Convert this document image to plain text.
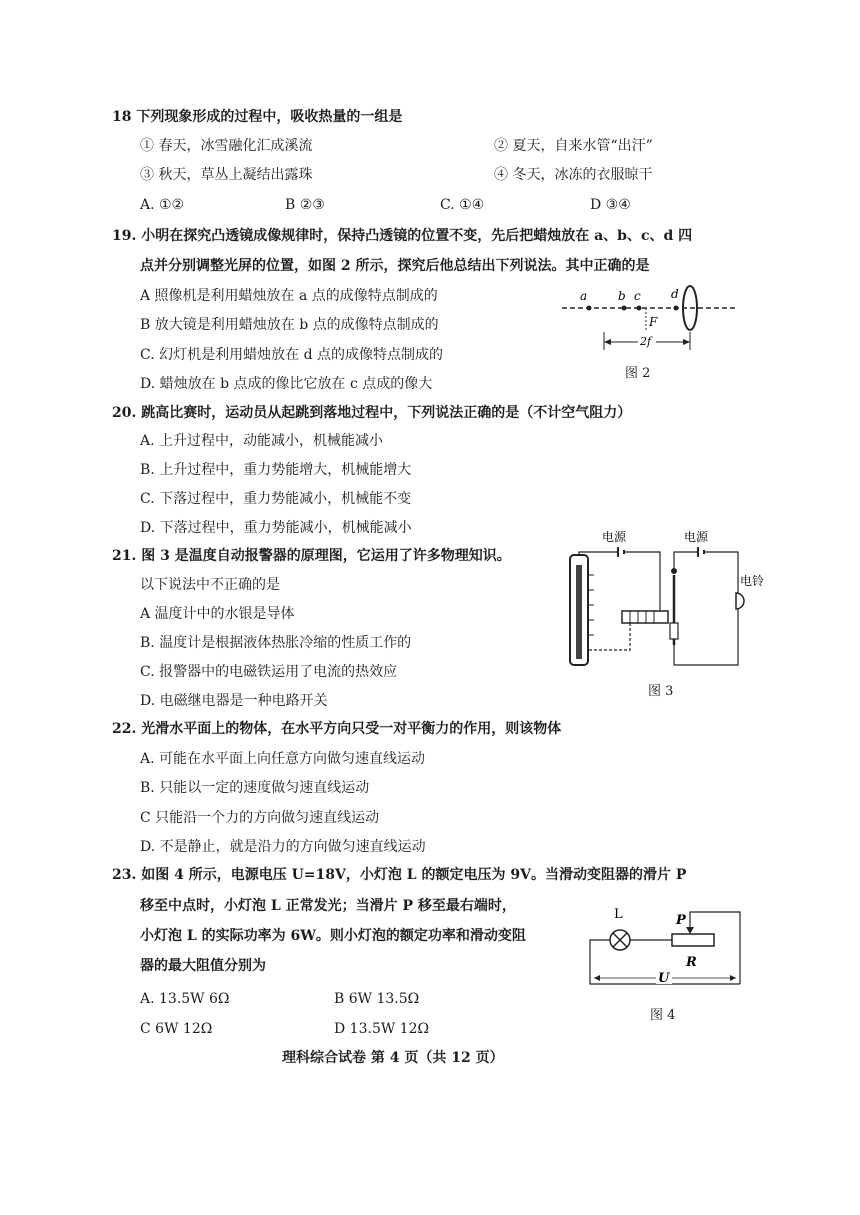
18 下列现象形成的过程中，吸收热量的一组是
① 春天，冰雪融化汇成溪流	② 夏天，自来水管“出汗”
③ 秋天，草丛上凝结出露珠	④ 冬天，冰冻的衣服晾干
A. ①②	B ②③	C. ①④	D ③④
19. 小明在探究凸透镜成像规律时，保持凸透镜的位置不变，先后把蜡烛放在 a、b、c、d 四
点并分别调整光屏的位置，如图 2 所示，探究后他总结出下列说法。其中正确的是
A 照像机是利用蜡烛放在 a 点的成像特点制成的
B 放大镜是利用蜡烛放在 b 点的成像特点制成的
C. 幻灯机是利用蜡烛放在 d 点的成像特点制成的
D. 蜡烛放在 b 点成的像比它放在 c 点成的像大
a	b c	d
F
2f
图 2
20. 跳高比赛时，运动员从起跳到落地过程中，下列说法正确的是（不计空气阻力）
A. 上升过程中，动能减小，机械能减小
B. 上升过程中，重力势能增大，机械能增大
C. 下落过程中，重力势能减小，机械能不变
D. 下落过程中，重力势能减小，机械能减小
21. 图 3 是温度自动报警器的原理图，它运用了许多物理知识。
以下说法中不正确的是
A 温度计中的水银是导体
B. 温度计是根据液体热胀冷缩的性质工作的
C. 报警器中的电磁铁运用了电流的热效应
D. 电磁继电器是一种电路开关
电源	电源
电铃
图 3
22. 光滑水平面上的物体，在水平方向只受一对平衡力的作用，则该物体
A. 可能在水平面上向任意方向做匀速直线运动
B. 只能以一定的速度做匀速直线运动
C 只能沿一个力的方向做匀速直线运动
D. 不是静止，就是沿力的方向做匀速直线运动
23. 如图 4 所示，电源电压 U=18V，小灯泡 L 的额定电压为 9V。当滑动变阻器的滑片 P
移至中点时，小灯泡 L 正常发光；当滑片 P 移至最右端时，
小灯泡 L 的实际功率为 6W。则小灯泡的额定功率和滑动变阻
器的最大阻值分别为
A. 13.5W 6Ω	B 6W 13.5Ω
C 6W 12Ω	D 13.5W 12Ω
L	P
R
U
图 4
理科综合试卷 第 4 页（共 12 页）
